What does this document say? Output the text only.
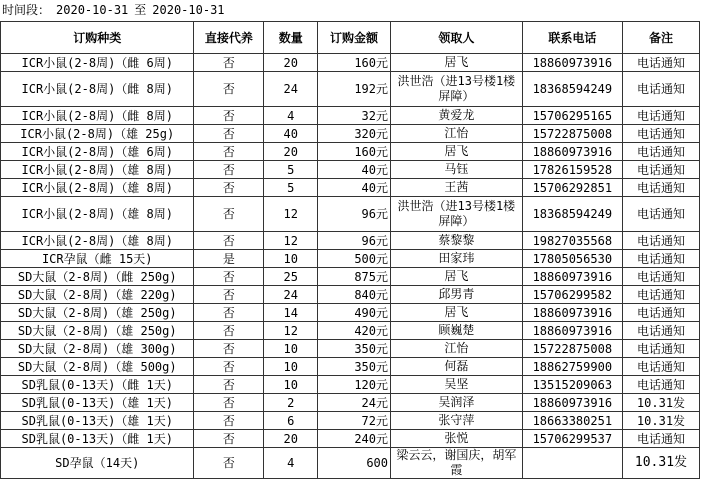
时间段： 2020-10-31 至 2020-10-31
订购种类	直接代养	数量	订购金额	领取人	联系电话	备注
ICR小鼠(2-8周)（雌 6周)	否	20	160元	居飞	18860973916	电话通知
ICR小鼠(2-8周)（雌 8周)	否	24	192元	洪世浩（进13号楼1楼屏障）	18368594249	电话通知
ICR小鼠(2-8周)（雌 8周)	否	4	32元	黄爱龙	15706295165	电话通知
ICR小鼠(2-8周)（雄 25g)	否	40	320元	江怡	15722875008	电话通知
ICR小鼠(2-8周)（雄 6周)	否	20	160元	居飞	18860973916	电话通知
ICR小鼠(2-8周)（雄 8周)	否	5	40元	马钰	17826159528	电话通知
ICR小鼠(2-8周)（雄 8周)	否	5	40元	王茜	15706292851	电话通知
ICR小鼠(2-8周)（雄 8周)	否	12	96元	洪世浩（进13号楼1楼屏障）	18368594249	电话通知
ICR小鼠(2-8周)（雄 8周)	否	12	96元	蔡黎黎	19827035568	电话通知
ICR孕鼠（雌 15天)	是	10	500元	田家玮	17805056530	电话通知
SD大鼠（2-8周)（雌 250g)	否	25	875元	居飞	18860973916	电话通知
SD大鼠（2-8周)（雄 220g)	否	24	840元	邱男青	15706299582	电话通知
SD大鼠（2-8周)（雄 250g)	否	14	490元	居飞	18860973916	电话通知
SD大鼠（2-8周)（雄 250g)	否	12	420元	顾巍楚	18860973916	电话通知
SD大鼠（2-8周)（雄 300g)	否	10	350元	江怡	15722875008	电话通知
SD大鼠（2-8周)（雄 500g)	否	10	350元	何磊	18862759900	电话通知
SD乳鼠(0-13天)（雌 1天)	否	10	120元	吴坚	13515209063	电话通知
SD乳鼠(0-13天)（雄 1天)	否	2	24元	吴润泽	18860973916	10.31发
SD乳鼠(0-13天)（雄 1天)	否	6	72元	张守萍	18663380251	10.31发
SD乳鼠(0-13天)（雌 1天)	否	20	240元	张悦	15706299537	电话通知
SD孕鼠（14天)	否	4	600	梁云云，谢国庆，胡军霞		10.31发
